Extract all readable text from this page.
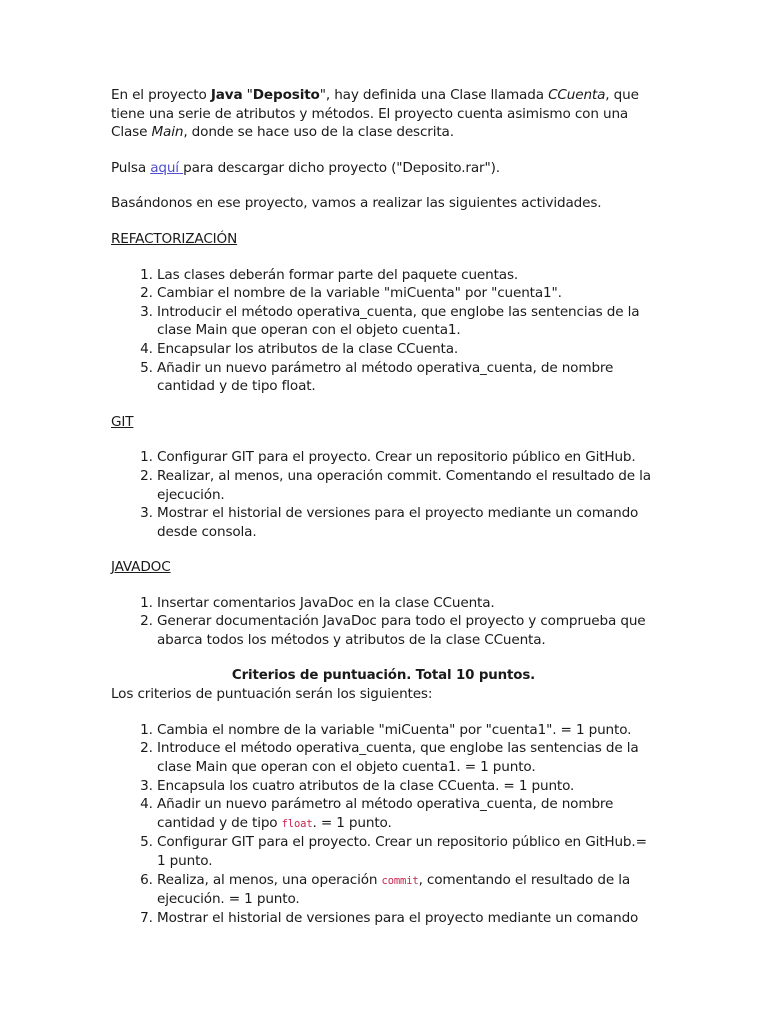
En el proyecto Java "Deposito", hay definida una Clase llamada CCuenta, que tiene una serie de atributos y métodos. El proyecto cuenta asimismo con una Clase Main, donde se hace uso de la clase descrita.

Pulsa aquí para descargar dicho proyecto ("Deposito.rar").

Basándonos en ese proyecto, vamos a realizar las siguientes actividades.

REFACTORIZACIÓN

1. Las clases deberán formar parte del paquete cuentas.
2. Cambiar el nombre de la variable "miCuenta" por "cuenta1".
3. Introducir el método operativa_cuenta, que englobe las sentencias de la clase Main que operan con el objeto cuenta1.
4. Encapsular los atributos de la clase CCuenta.
5. Añadir un nuevo parámetro al método operativa_cuenta, de nombre cantidad y de tipo float.

GIT

1. Configurar GIT para el proyecto. Crear un repositorio público en GitHub.
2. Realizar, al menos, una operación commit. Comentando el resultado de la ejecución.
3. Mostrar el historial de versiones para el proyecto mediante un comando desde consola.

JAVADOC

1. Insertar comentarios JavaDoc en la clase CCuenta.
2. Generar documentación JavaDoc para todo el proyecto y comprueba que abarca todos los métodos y atributos de la clase CCuenta.

Criterios de puntuación. Total 10 puntos.

Los criterios de puntuación serán los siguientes:

1. Cambia el nombre de la variable "miCuenta" por "cuenta1". = 1 punto.
2. Introduce el método operativa_cuenta, que englobe las sentencias de la clase Main que operan con el objeto cuenta1. = 1 punto.
3. Encapsula los cuatro atributos de la clase CCuenta. = 1 punto.
4. Añadir un nuevo parámetro al método operativa_cuenta, de nombre cantidad y de tipo float. = 1 punto.
5. Configurar GIT para el proyecto. Crear un repositorio público en GitHub.= 1 punto.
6. Realiza, al menos, una operación commit, comentando el resultado de la ejecución. = 1 punto.
7. Mostrar el historial de versiones para el proyecto mediante un comando
